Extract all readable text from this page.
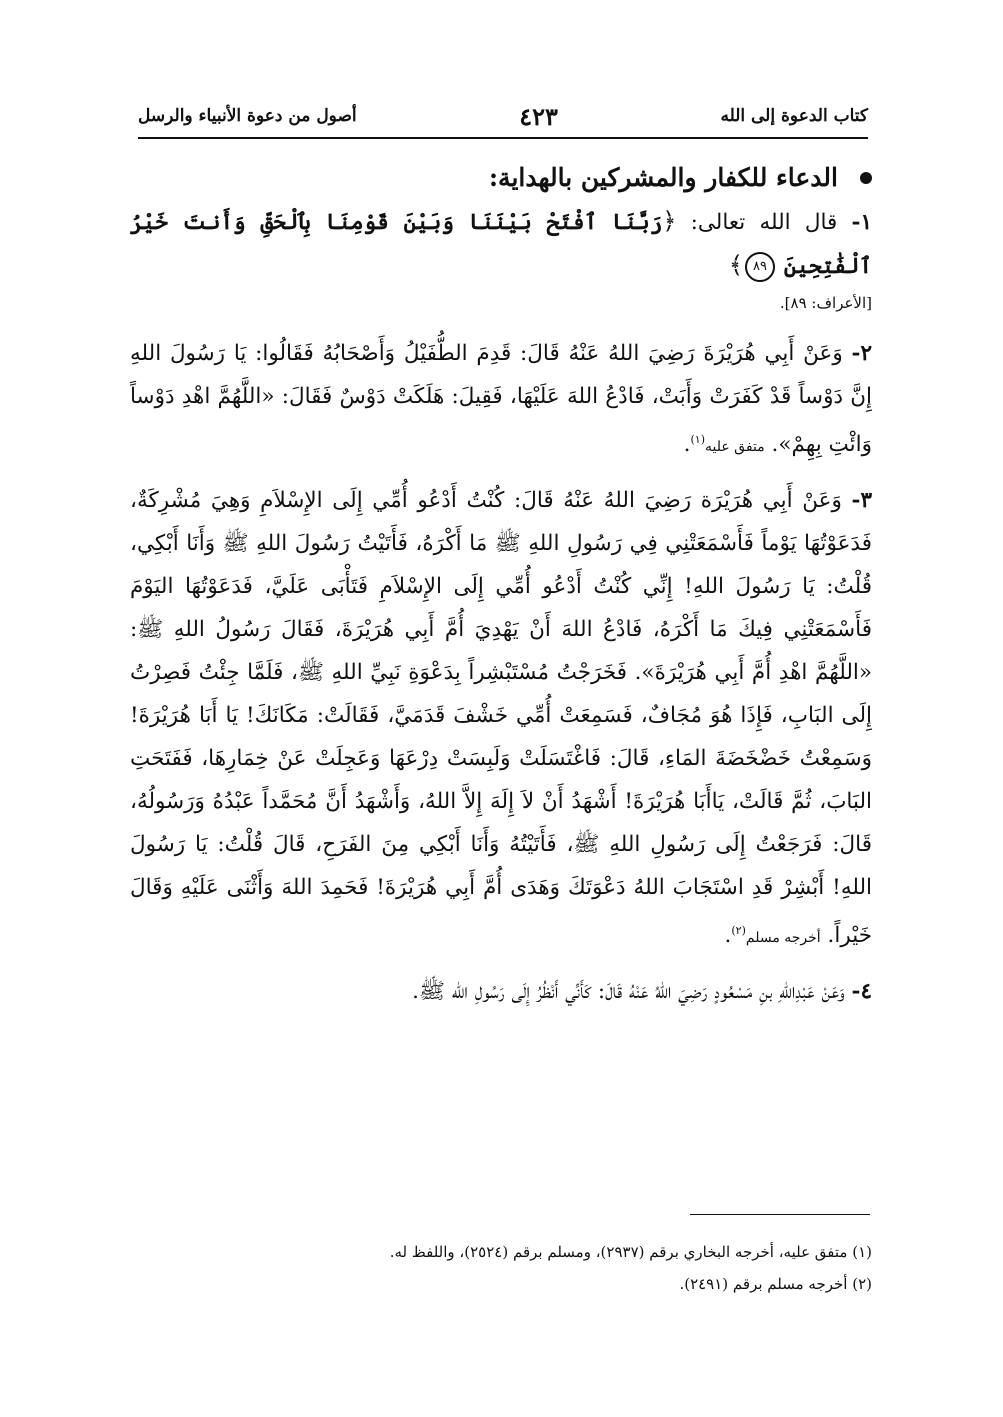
كتاب الدعوة إلى الله
٤٢٣
أصول من دعوة الأنبياء والرسل
الدعاء للكفار والمشركين بالهداية:

١- قال الله تعالى: ﴿رَبَّنَا ٱفْتَحْ بَيْنَنَا وَبَيْنَ قَوْمِنَا بِٱلْحَقِّ وَأَنتَ خَيْرُ ٱلْفَٰتِحِينَ ٨٩﴾

[الأعراف: ٨٩].

٢- وَعَنْ أَبِي هُرَيْرَةَ رَضِيَ اللهُ عَنْهُ قَالَ: قَدِمَ الطُّفَيْلُ وَأَصْحَابُهُ فَقَالُوا: يَا رَسُولَ اللهِ إِنَّ دَوْساً قَدْ كَفَرَتْ وَأَبَتْ، فَادْعُ اللهَ عَلَيْهَا، فَقِيلَ: هَلَكَتْ دَوْسٌ فَقَالَ: «اللَّهُمَّ اهْدِ دَوْساً وَائْتِ بِهِمْ». متفق عليه$^{(١)}$.

٣- وَعَنْ أَبِي هُرَيْرَة رَضِيَ اللهُ عَنْهُ قَالَ: كُنْتُ أَدْعُو أُمِّي إِلَى الإِسْلاَمِ وَهِيَ مُشْرِكَةٌ، فَدَعَوْتُهَا يَوْماً فَأَسْمَعَتْنِي فِي رَسُولِ اللهِ ﷺ مَا أَكْرَهُ، فَأَتَيْتُ رَسُولَ اللهِ ﷺ وَأَنَا أَبْكِي، قُلْتُ: يَا رَسُولَ اللهِ! إِنِّي كُنْتُ أَدْعُو أُمِّي إِلَى الإِسْلاَمِ فَتَأْبَى عَلَيَّ، فَدَعَوْتُهَا اليَوْمَ فَأَسْمَعَتْنِي فِيكَ مَا أَكْرَهُ، فَادْعُ اللهَ أَنْ يَهْدِيَ أُمَّ أَبِي هُرَيْرَةَ، فَقَالَ رَسُولُ اللهِ ﷺ: «اللَّهُمَّ اهْدِ أُمَّ أَبِي هُرَيْرَةَ». فَخَرَجْتُ مُسْتَبْشِراً بِدَعْوَةِ نَبِيِّ اللهِ ﷺ، فَلَمَّا جِئْتُ فَصِرْتُ إِلَى البَابِ، فَإِذَا هُوَ مُجَافٌ، فَسَمِعَتْ أُمِّي خَشْفَ قَدَمَيَّ، فَقَالَتْ: مَكَانَكَ! يَا أَبَا هُرَيْرَةَ! وَسَمِعْتُ خَضْخَضَةَ المَاءِ، قَالَ: فَاغْتَسَلَتْ وَلَبِسَتْ دِرْعَهَا وَعَجِلَتْ عَنْ خِمَارِهَا، فَفَتَحَتِ البَابَ، ثُمَّ قَالَتْ، يَاأَبَا هُرَيْرَةَ! أَشْهَدُ أَنْ لاَ إِلَهَ إِلاَّ اللهُ، وَأَشْهَدُ أَنَّ مُحَمَّداً عَبْدُهُ وَرَسُولُهُ، قَالَ: فَرَجَعْتُ إِلَى رَسُولِ اللهِ ﷺ، فَأَتَيْتُهُ وَأَنَا أَبْكِي مِنَ الفَرَحِ، قَالَ قُلْتُ: يَا رَسُولَ اللهِ! أَبْشِرْ قَدِ اسْتَجَابَ اللهُ دَعْوَتَكَ وَهَدَى أُمَّ أَبِي هُرَيْرَةَ! فَحَمِدَ اللهَ وَأَثْنَى عَلَيْهِ وَقَالَ خَيْراً. أخرجه مسلم$^{(٢)}$.

٤- وَعَنْ عَبْدِاللهِ بنِ مَسْعُودٍ رَضِيَ اللهُ عَنْهُ قَالَ: كَأَنِّي أَنْظُرُ إِلَى رَسُولِ الله ﷺ.

(١) متفق عليه، أخرجه البخاري برقم (٢٩٣٧)، ومسلم برقم (٢٥٢٤)، واللفظ له.

(٢) أخرجه مسلم برقم (٢٤٩١).
